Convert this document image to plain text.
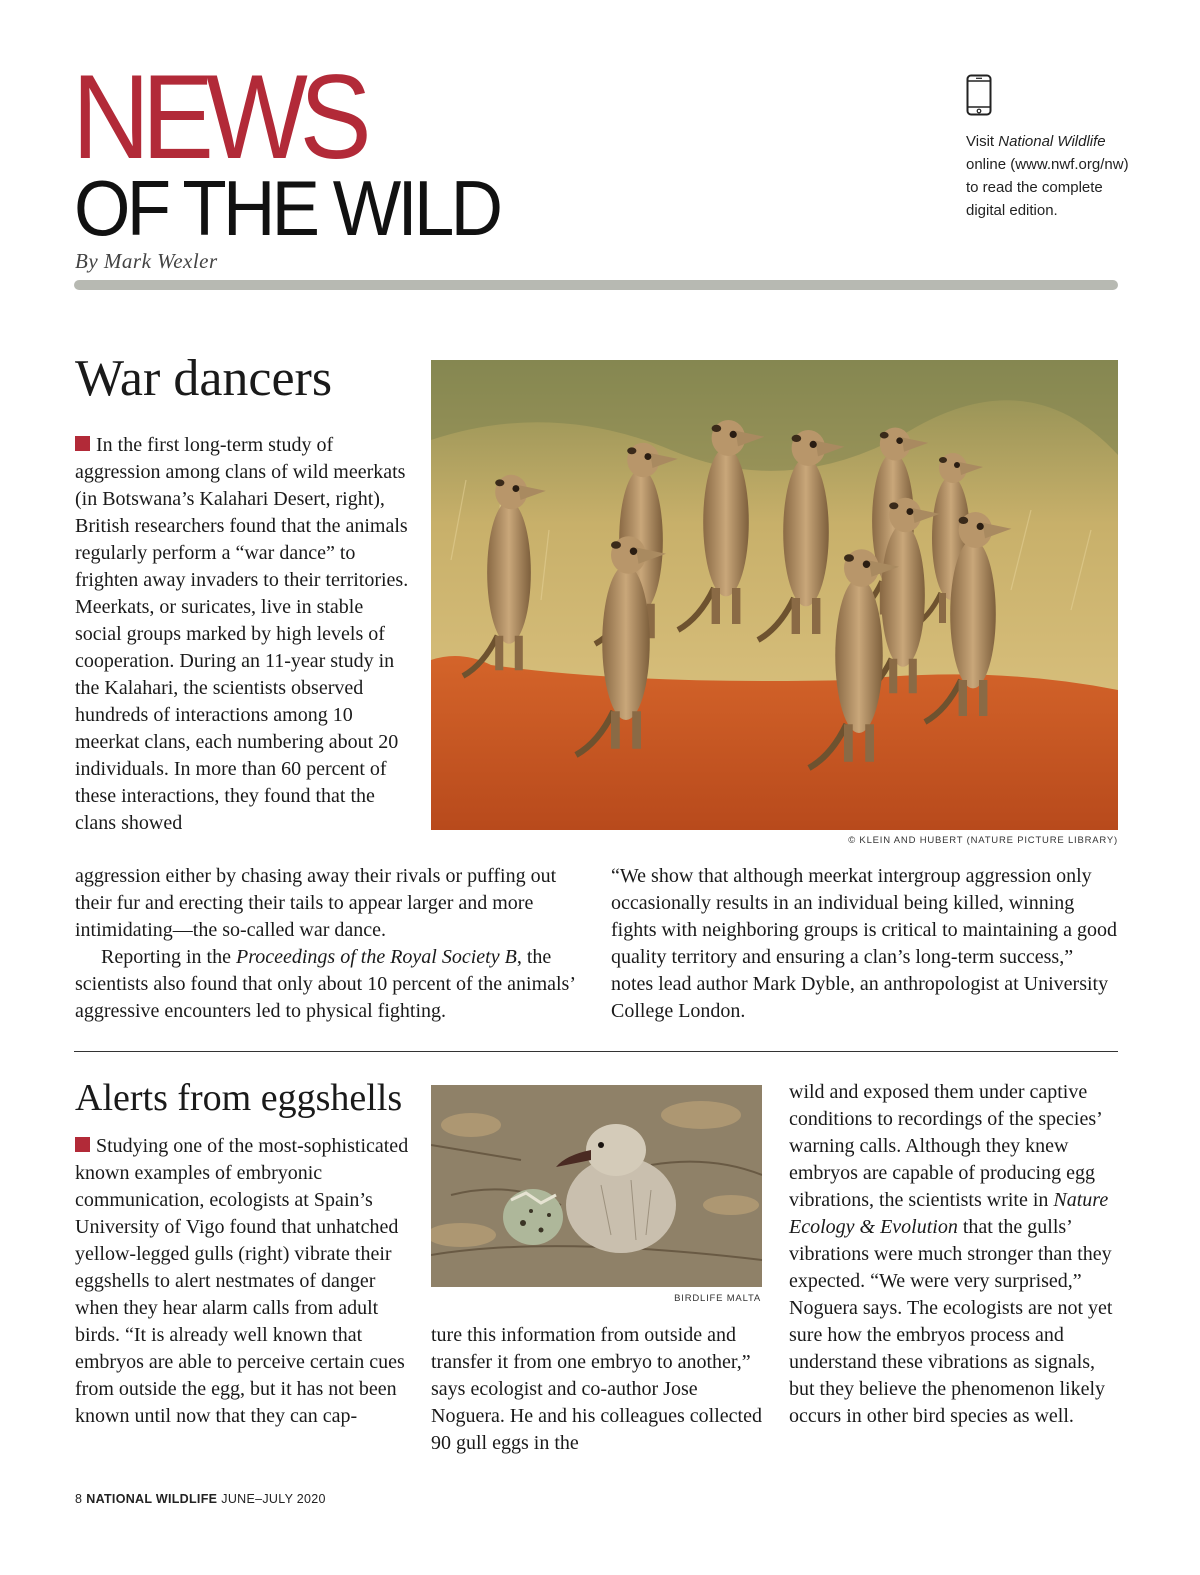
NEWS
OF THE WILD
By Mark Wexler
Visit National Wildlife online (www.nwf.org/nw) to read the complete digital edition.
War dancers
© KLEIN AND HUBERT (NATURE PICTURE LIBRARY)

In the first long-term study of aggression among clans of wild meerkats (in Botswana’s Kalahari Desert, right), British researchers found that the animals regularly perform a “war dance” to frighten away invaders to their territories. Meerkats, or suricates, live in stable social groups marked by high levels of cooperation. During an 11-year study in the Kalahari, the scientists observed hundreds of interactions among 10 meerkat clans, each numbering about 20 individuals. In more than 60 percent of these interactions, they found that the clans showed

aggression either by chasing away their rivals or puffing out their fur and erecting their tails to appear larger and more intimidating—the so-called war dance.

Reporting in the Proceedings of the Royal Society B, the scientists also found that only about 10 percent of the animals’ aggressive encounters led to physical fighting.

“We show that although meerkat intergroup aggression only occasionally results in an individual being killed, winning fights with neighboring groups is critical to maintaining a good quality territory and ensuring a clan’s long-term success,” notes lead author Mark Dyble, an anthropologist at University College London.
Alerts from eggshells

Studying one of the most-sophisticated known examples of embryonic communication, ecologists at Spain’s University of Vigo found that unhatched yellow-legged gulls (right) vibrate their eggshells to alert nestmates of danger when they hear alarm calls from adult birds. “It is already well known that embryos are able to perceive certain cues from outside the egg, but it has not been known until now that they can cap-

BIRDLIFE MALTA
ture this information from outside and transfer it from one embryo to another,” says ecologist and co-author Jose Noguera. He and his colleagues collected 90 gull eggs in the

wild and exposed them under captive conditions to recordings of the species’ warning calls. Although they knew embryos are capable of producing egg vibrations, the scientists write in Nature Ecology & Evolution that the gulls’ vibrations were much stronger than they expected. “We were very surprised,” Noguera says. The ecologists are not yet sure how the embryos process and understand these vibrations as signals, but they believe the phenomenon likely occurs in other bird species as well.

8 NATIONAL WILDLIFE JUNE–JULY 2020
